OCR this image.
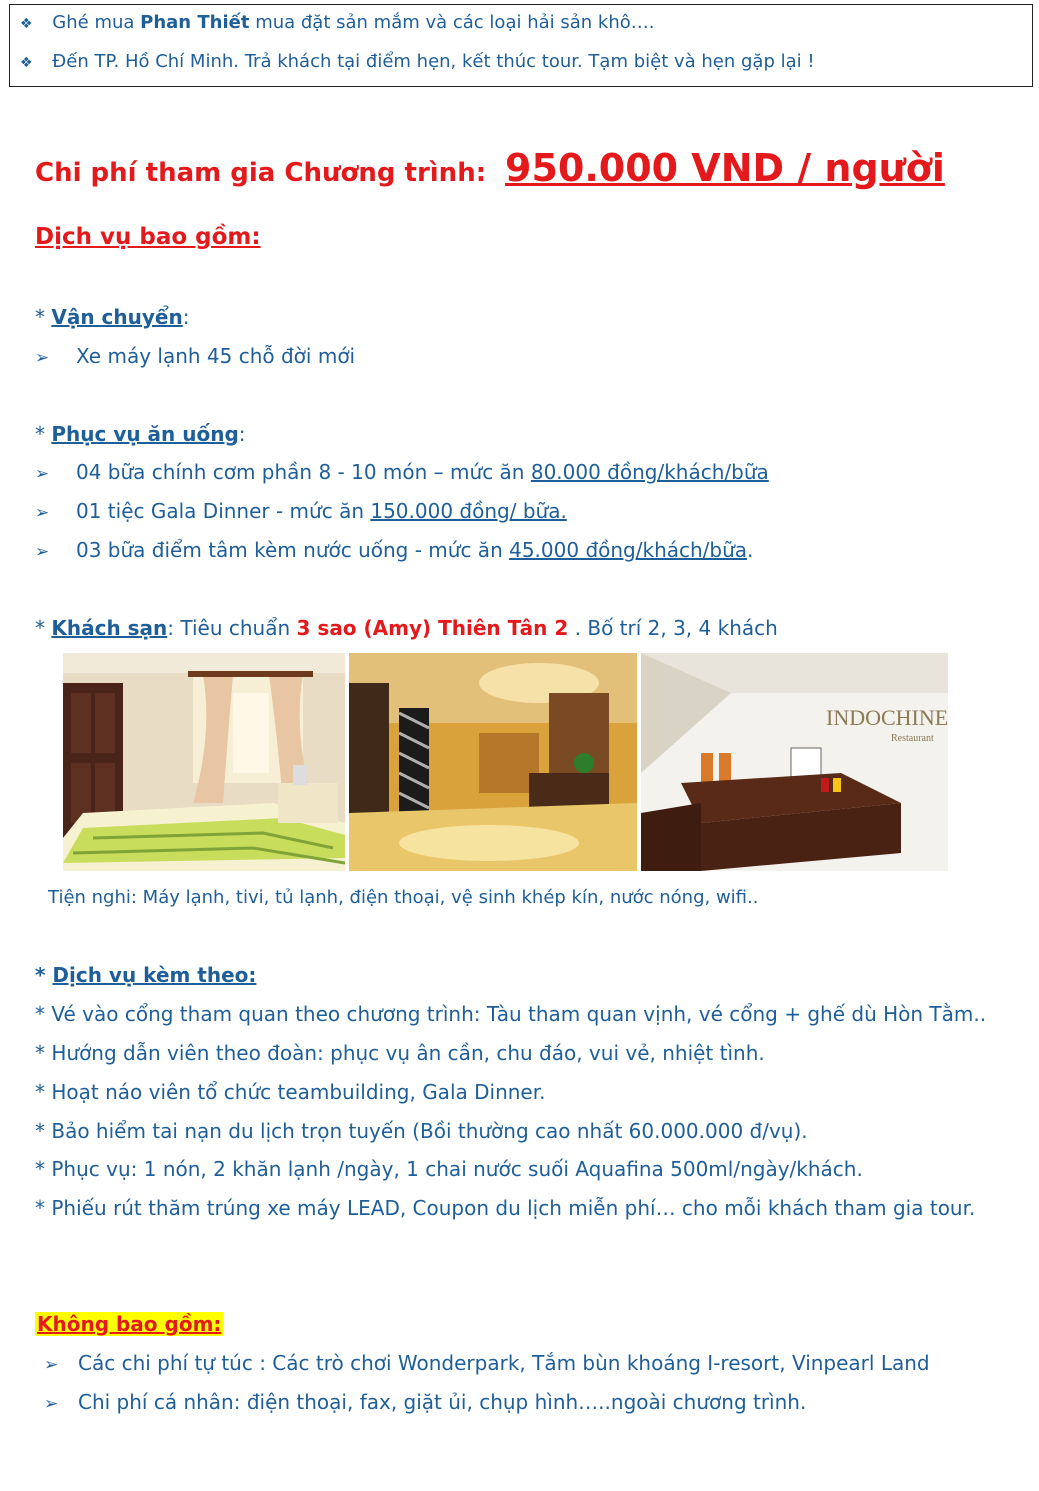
❖ Ghé mua Phan Thiết mua đặt sản mắm và các loại hải sản khô….
❖ Đến TP. Hồ Chí Minh. Trả khách tại điểm hẹn, kết thúc tour. Tạm biệt và hẹn gặp lại !
Chi phí tham gia Chương trình: 950.000 VND / người
Dịch vụ bao gồm:
* Vận chuyển:
➢ Xe máy lạnh 45 chỗ đời mới
* Phục vụ ăn uống:
➢ 04 bữa chính cơm phần 8 - 10 món – mức ăn 80.000 đồng/khách/bữa
➢ 01 tiệc Gala Dinner - mức ăn 150.000 đồng/ bữa.
➢ 03 bữa điểm tâm kèm nước uống - mức ăn 45.000 đồng/khách/bữa.
* Khách sạn: Tiêu chuẩn 3 sao (Amy) Thiên Tân 2 . Bố trí 2, 3, 4 khách
INDOCHINE
Restaurant
Tiện nghi: Máy lạnh, tivi, tủ lạnh, điện thoại, vệ sinh khép kín, nước nóng, wifi..
* Dịch vụ kèm theo:
* Vé vào cổng tham quan theo chương trình: Tàu tham quan vịnh, vé cổng + ghế dù Hòn Tằm..
* Hướng dẫn viên theo đoàn: phục vụ ân cần, chu đáo, vui vẻ, nhiệt tình.
* Hoạt náo viên tổ chức teambuilding, Gala Dinner.
* Bảo hiểm tai nạn du lịch trọn tuyến (Bồi thường cao nhất 60.000.000 đ/vụ).
* Phục vụ: 1 nón, 2 khăn lạnh /ngày, 1 chai nước suối Aquafina 500ml/ngày/khách.
* Phiếu rút thăm trúng xe máy LEAD, Coupon du lịch miễn phí… cho mỗi khách tham gia tour.
Không bao gồm:
➢ Các chi phí tự túc : Các trò chơi Wonderpark, Tắm bùn khoáng I-resort, Vinpearl Land
➢ Chi phí cá nhân: điện thoại, fax, giặt ủi, chụp hình…..ngoài chương trình.
